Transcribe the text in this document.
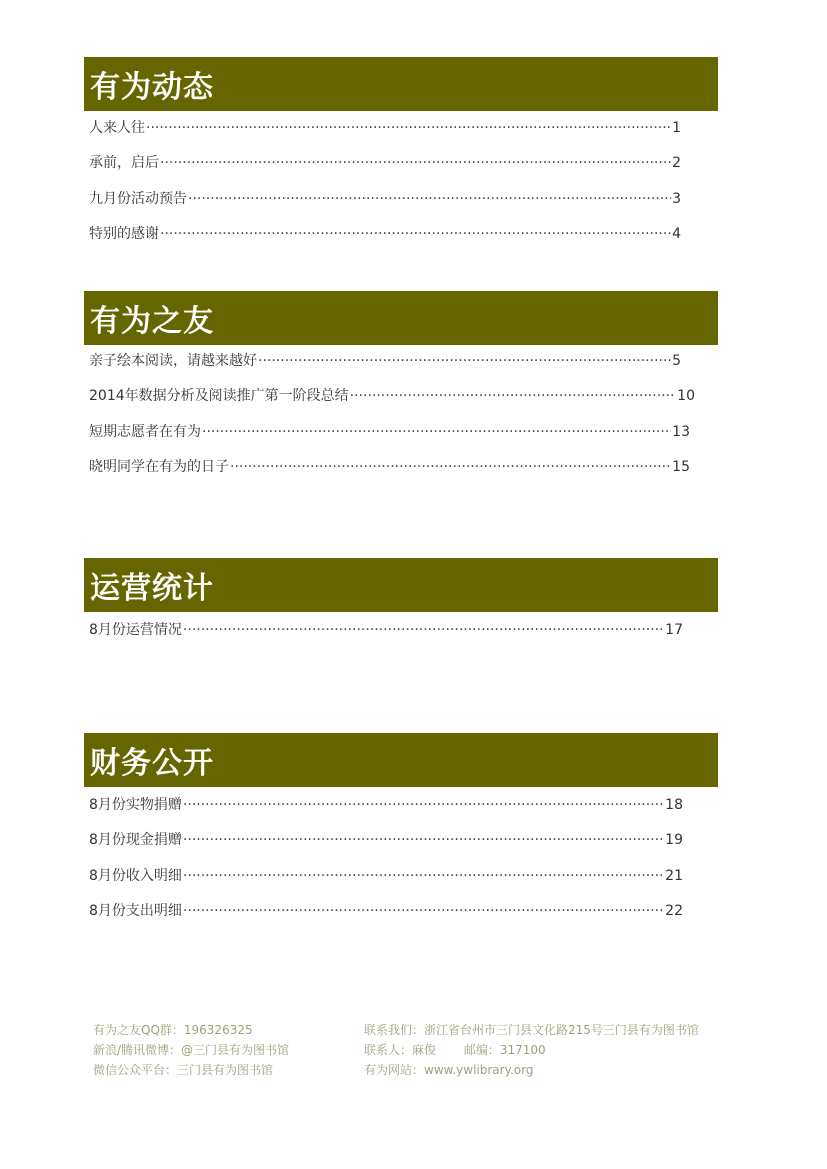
有为动态
人来人往 ·····	1
承前，启后 ·····	2
九月份活动预告 ·····	3
特别的感谢 ·····	4
有为之友
亲子绘本阅读，请越来越好 ·····	5
2014年数据分析及阅读推广第一阶段总结 ·····	10
短期志愿者在有为 ·····	13
晓明同学在有为的日子 ·····	15
运营统计
8月份运营情况 ·····	17
财务公开
8月份实物捐赠 ·····	18
8月份现金捐赠 ·····	19
8月份收入明细 ·····	21
8月份支出明细 ·····	22
有为之友QQ群：196326325
新浪/腾讯微博：@三门县有为图书馆
微信公众平台：三门县有为图书馆
联系我们：浙江省台州市三门县文化路215号三门县有为图书馆
联系人：麻俊　　 邮编：317100
有为网站：www.ywlibrary.org
